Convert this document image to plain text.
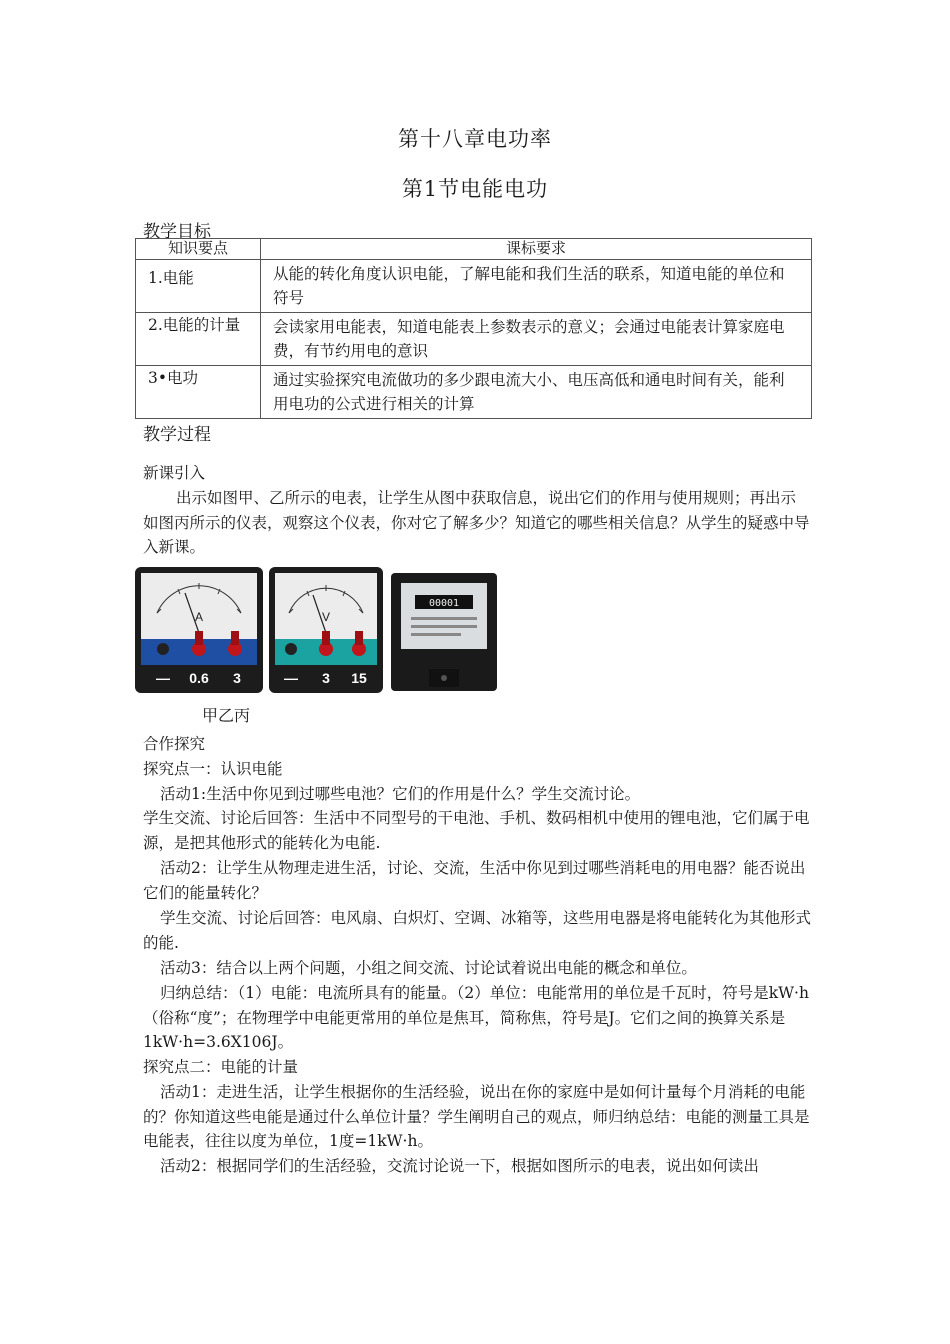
第十八章电功率
第1节电能电功
教学目标
知识要点	课标要求
1.电能	从能的转化角度认识电能，了解电能和我们生活的联系，知道电能的单位和符号
2.电能的计量	会读家用电能表，知道电能表上参数表示的意义；会通过电能表计算家庭电费，有节约用电的意识
3•电功	通过实验探究电流做功的多少跟电流大小、电压高低和通电时间有关，能利用电功的公式进行相关的计算
教学过程
新课引入
出示如图甲、乙所示的电表，让学生从图中获取信息，说出它们的作用与使用规则；再出示如图丙所示的仪表，观察这个仪表，你对它了解多少？知道它的哪些相关信息？从学生的疑惑中导入新课。
A
— 0.6 3
V
— 3 15
00001
甲乙丙
合作探究
探究点一：认识电能
活动1:生活中你见到过哪些电池？它们的作用是什么？学生交流讨论。
学生交流、讨论后回答：生活中不同型号的干电池、手机、数码相机中使用的锂电池，它们属于电源，是把其他形式的能转化为电能.
活动2：让学生从物理走进生活，讨论、交流，生活中你见到过哪些消耗电的用电器？能否说出它们的能量转化？
学生交流、讨论后回答：电风扇、白炽灯、空调、冰箱等，这些用电器是将电能转化为其他形式的能.
活动3：结合以上两个问题，小组之间交流、讨论试着说出电能的概念和单位。
归纳总结：（1）电能：电流所具有的能量。（2）单位：电能常用的单位是千瓦时，符号是kW·h（俗称“度”；在物理学中电能更常用的单位是焦耳，简称焦，符号是J。它们之间的换算关系是1kW·h=3.6X106J。
探究点二：电能的计量
活动1：走进生活，让学生根据你的生活经验，说出在你的家庭中是如何计量每个月消耗的电能的？你知道这些电能是通过什么单位计量？学生阐明自己的观点，师归纳总结：电能的测量工具是电能表，往往以度为单位，1度=1kW·h。
活动2：根据同学们的生活经验，交流讨论说一下，根据如图所示的电表，说出如何读出
